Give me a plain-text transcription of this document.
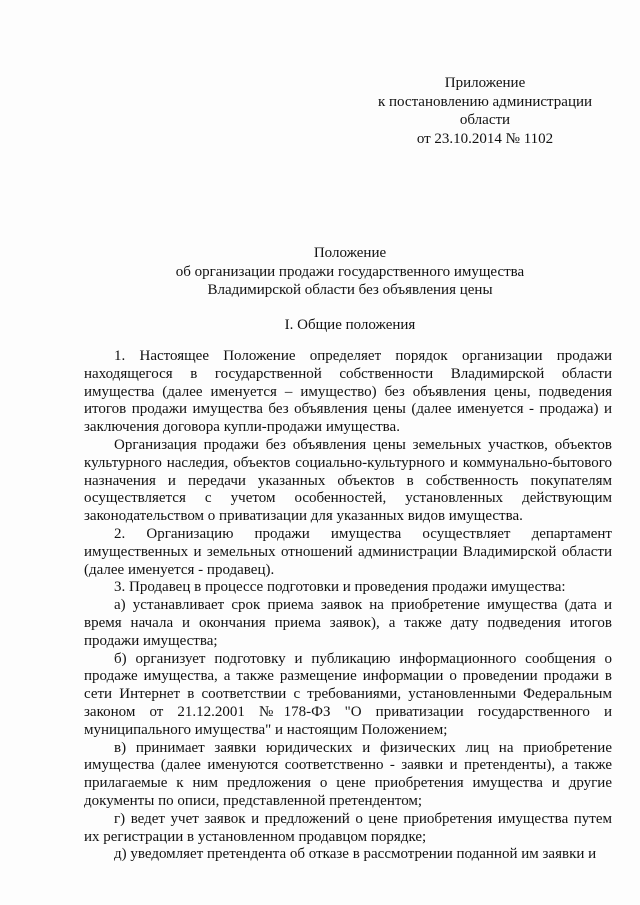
Приложение
к постановлению администрации
области
от 23.10.2014 № 1102
Положение
об организации продажи государственного имущества
Владимирской области без объявления цены
I. Общие положения

1. Настоящее Положение определяет порядок организации продажи находящегося в государственной собственности Владимирской области имущества (далее именуется – имущество) без объявления цены, подведения итогов продажи имущества без объявления цены (далее именуется - продажа) и заключения договора купли-продажи имущества.

Организация продажи без объявления цены земельных участков, объектов культурного наследия, объектов социально-культурного и коммунально-бытового назначения и передачи указанных объектов в собственность покупателям осуществляется с учетом особенностей, установленных действующим законодательством о приватизации для указанных видов имущества.

2. Организацию продажи имущества осуществляет департамент имущественных и земельных отношений администрации Владимирской области (далее именуется - продавец).

3. Продавец в процессе подготовки и проведения продажи имущества:

а) устанавливает срок приема заявок на приобретение имущества (дата и время начала и окончания приема заявок), а также дату подведения итогов продажи имущества;

б) организует подготовку и публикацию информационного сообщения о продаже имущества, а также размещение информации о проведении продажи в сети Интернет в соответствии с требованиями, установленными Федеральным законом от 21.12.2001 №178-ФЗ "О приватизации государственного и муниципального имущества" и настоящим Положением;

в) принимает заявки юридических и физических лиц на приобретение имущества (далее именуются соответственно - заявки и претенденты), а также прилагаемые к ним предложения о цене приобретения имущества и другие документы по описи, представленной претендентом;

г) ведет учет заявок и предложений о цене приобретения имущества путем их регистрации в установленном продавцом порядке;

д) уведомляет претендента об отказе в рассмотрении поданной им заявки и
